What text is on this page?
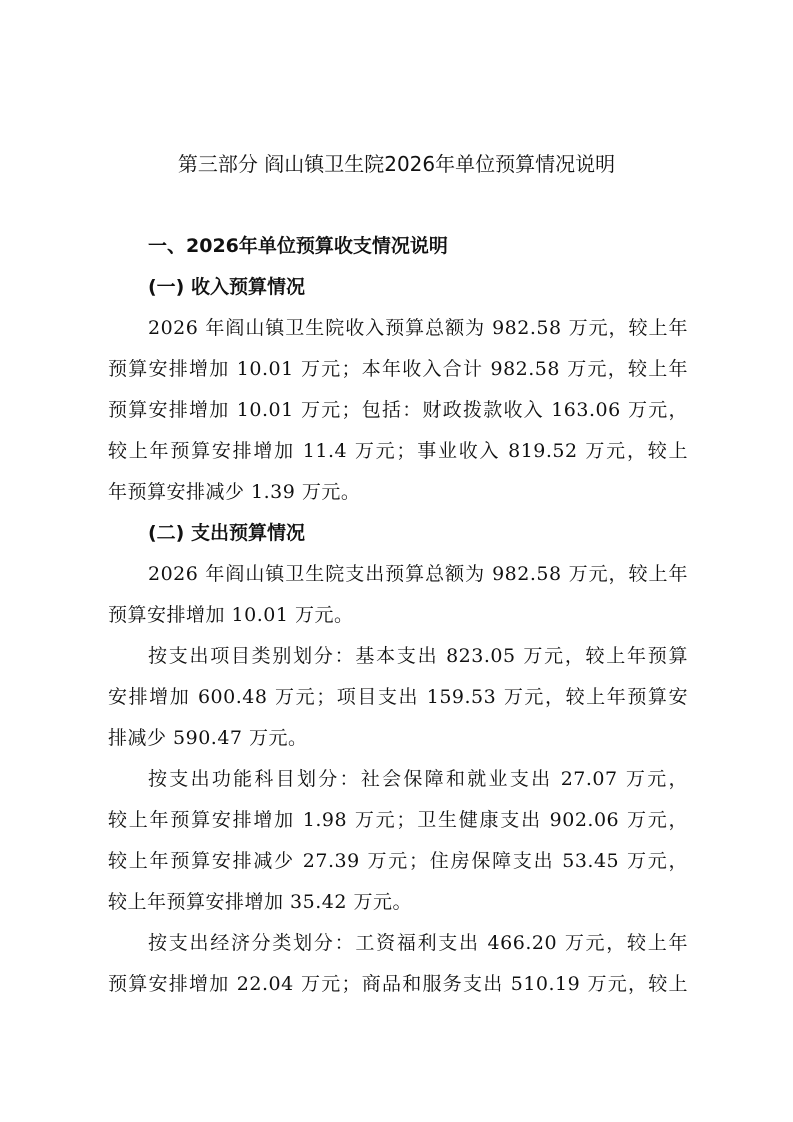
第三部分 阎山镇卫生院2026年单位预算情况说明
一、2026年单位预算收支情况说明
(一) 收入预算情况
2026 年阎山镇卫生院收入预算总额为 982.58 万元，较上年
预算安排增加 10.01 万元；本年收入合计 982.58 万元，较上年
预算安排增加 10.01 万元；包括：财政拨款收入 163.06 万元，
较上年预算安排增加 11.4 万元；事业收入 819.52 万元，较上
年预算安排减少 1.39 万元。
(二) 支出预算情况
2026 年阎山镇卫生院支出预算总额为 982.58 万元，较上年
预算安排增加 10.01 万元。
按支出项目类别划分：基本支出 823.05 万元，较上年预算
安排增加 600.48 万元；项目支出 159.53 万元，较上年预算安
排减少 590.47 万元。
按支出功能科目划分：社会保障和就业支出 27.07 万元，
较上年预算安排增加 1.98 万元；卫生健康支出 902.06 万元，
较上年预算安排减少 27.39 万元；住房保障支出 53.45 万元，
较上年预算安排增加 35.42 万元。
按支出经济分类划分：工资福利支出 466.20 万元，较上年
预算安排增加 22.04 万元；商品和服务支出 510.19 万元，较上
